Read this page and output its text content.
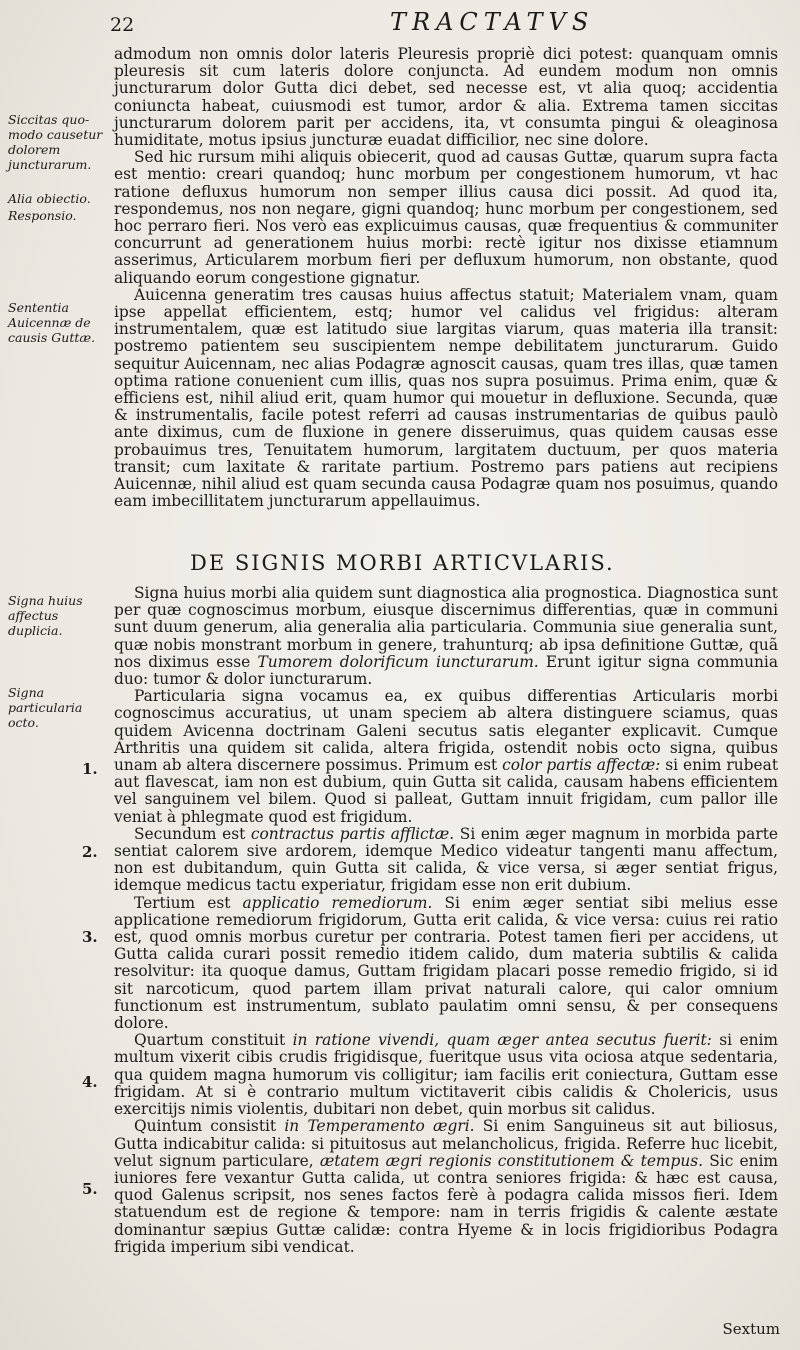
22	TRACTATVS
Siccitas quo- modo causetur dolorem juncturarum.
Alia obiectio.
Responsio.
Sententia Auicennæ de causis Guttæ.
Signa huius affectus duplicia.
Signa particularia octo.
1.
2.
3.
4.
5.

admodum non omnis dolor lateris Pleuresis propriè dici potest: quanquam omnis pleuresis sit cum lateris dolore conjuncta. Ad eundem modum non omnis juncturarum dolor Gutta dici debet, sed necesse est, vt alia quoq; accidentia coniuncta habeat, cuiusmodi est tumor, ardor & alia. Extrema tamen siccitas juncturarum dolorem parit per accidens, ita, vt consumta pingui & oleaginosa humiditate, motus ipsius juncturæ euadat difficilior, nec sine dolore.

Sed hic rursum mihi aliquis obiecerit, quod ad causas Guttæ, quarum supra facta est mentio: creari quandoq; hunc morbum per congestionem humorum, vt hac ratione defluxus humorum non semper illius causa dici possit. Ad quod ita, respondemus, nos non negare, gigni quandoq; hunc morbum per congestionem, sed hoc perraro fieri. Nos verò eas explicuimus causas, quæ frequentius & communiter concurrunt ad generationem huius morbi: rectè igitur nos dixisse etiamnum asserimus, Articularem morbum fieri per defluxum humorum, non obstante, quod aliquando eorum congestione gignatur.

Auicenna generatim tres causas huius affectus statuit; Materialem vnam, quam ipse appellat efficientem, estq; humor vel calidus vel frigidus: alteram instrumentalem, quæ est latitudo siue largitas viarum, quas materia illa transit: postremo patientem seu suscipientem nempe debilitatem juncturarum. Guido sequitur Auicennam, nec alias Podagræ agnoscit causas, quam tres illas, quæ tamen optima ratione conuenient cum illis, quas nos supra posuimus. Prima enim, quæ & efficiens est, nihil aliud erit, quam humor qui mouetur in defluxione. Secunda, quæ & instrumentalis, facile potest referri ad causas instrumentarias de quibus paulò ante diximus, cum de fluxione in genere disseruimus, quas quidem causas esse probauimus tres, Tenuitatem humorum, largitatem ductuum, per quos materia transit; cum laxitate & raritate partium. Postremo pars patiens aut recipiens Auicennæ, nihil aliud est quam secunda causa Podagræ quam nos posuimus, quando eam imbecillitatem juncturarum appellauimus.

DE SIGNIS MORBI ARTICVLARIS.

Signa huius morbi alia quidem sunt diagnostica alia prognostica. Diagnostica sunt per quæ cognoscimus morbum, eiusque discernimus differentias, quæ in communi sunt duum generum, alia generalia alia particularia. Communia siue generalia sunt, quæ nobis monstrant morbum in genere, trahunturq; ab ipsa definitione Guttæ, quã nos diximus esse Tumorem dolorificum iuncturarum. Erunt igitur signa communia duo: tumor & dolor iuncturarum.

Particularia signa vocamus ea, ex quibus differentias Articularis morbi cognoscimus accuratius, ut unam speciem ab altera distinguere sciamus, quas quidem Avicenna doctrinam Galeni secutus satis eleganter explicavit. Cumque Arthritis una quidem sit calida, altera frigida, ostendit nobis octo signa, quibus unam ab altera discernere possimus. Primum est color partis affectæ: si enim rubeat aut flavescat, iam non est dubium, quin Gutta sit calida, causam habens efficientem vel sanguinem vel bilem. Quod si palleat, Guttam innuit frigidam, cum pallor ille veniat à phlegmate quod est frigidum.

Secundum est contractus partis afflictæ. Si enim æger magnum in morbida parte sentiat calorem sive ardorem, idemque Medico videatur tangenti manu affectum, non est dubitandum, quin Gutta sit calida, & vice versa, si æger sentiat frigus, idemque medicus tactu experiatur, frigidam esse non erit dubium.

Tertium est applicatio remediorum. Si enim æger sentiat sibi melius esse applicatione remediorum frigidorum, Gutta erit calida, & vice versa: cuius rei ratio est, quod omnis morbus curetur per contraria. Potest tamen fieri per accidens, ut Gutta calida curari possit remedio itidem calido, dum materia subtilis & calida resolvitur: ita quoque damus, Guttam frigidam placari posse remedio frigido, si id sit narcoticum, quod partem illam privat naturali calore, qui calor omnium functionum est instrumentum, sublato paulatim omni sensu, & per consequens dolore.

Quartum constituit in ratione vivendi, quam æger antea secutus fuerit: si enim multum vixerit cibis crudis frigidisque, fueritque usus vita ociosa atque sedentaria, qua quidem magna humorum vis colligitur; iam facilis erit coniectura, Guttam esse frigidam. At si è contrario multum victitaverit cibis calidis & Cholericis, usus exercitijs nimis violentis, dubitari non debet, quin morbus sit calidus.

Quintum consistit in Temperamento ægri. Si enim Sanguineus sit aut biliosus, Gutta indicabitur calida: si pituitosus aut melancholicus, frigida. Referre huc licebit, velut signum particulare, ætatem ægri regionis constitutionem & tempus. Sic enim iuniores fere vexantur Gutta calida, ut contra seniores frigida: & hæc est causa, quod Galenus scripsit, nos senes factos ferè à podagra calida missos fieri. Idem statuendum est de regione & tempore: nam in terris frigidis & calente æstate dominantur sæpius Guttæ calidæ: contra Hyeme & in locis frigidioribus Podagra frigida imperium sibi vendicat.

Sextum
